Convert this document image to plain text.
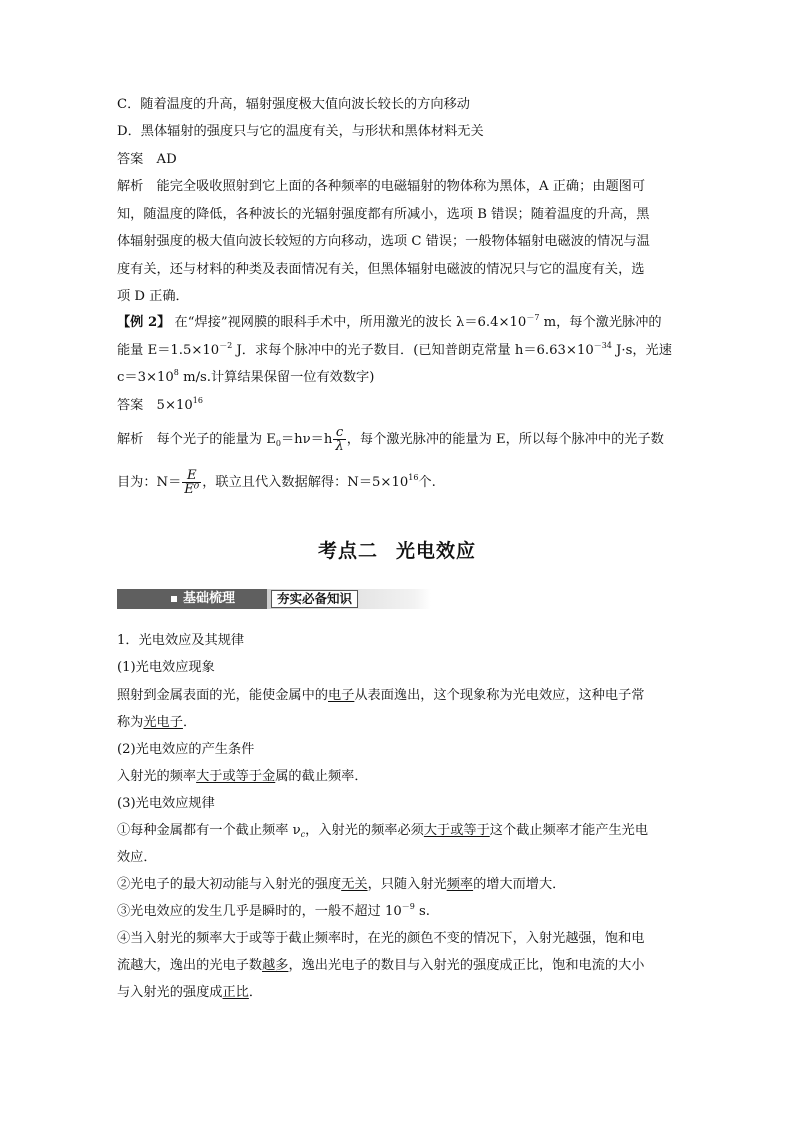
C．随着温度的升高，辐射强度极大值向波长较长的方向移动
D．黑体辐射的强度只与它的温度有关，与形状和黑体材料无关
答案　AD
解析　能完全吸收照射到它上面的各种频率的电磁辐射的物体称为黑体，A 正确；由题图可
知，随温度的降低，各种波长的光辐射强度都有所减小，选项 B 错误；随着温度的升高，黑
体辐射强度的极大值向波长较短的方向移动，选项 C 错误；一般物体辐射电磁波的情况与温
度有关，还与材料的种类及表面情况有关，但黑体辐射电磁波的情况只与它的温度有关，选
项 D 正确．
【例 2】 在“焊接”视网膜的眼科手术中，所用激光的波长 $\lambda=6.4\times 10^{-7}$ m，每个激光脉冲的
能量 $E=1.5\times 10^{-2}$ J．求每个脉冲中的光子数目．(已知普朗克常量 $h=6.63\times 10^{-34}$ J·s，光速
$c=3\times 10^8$ m/s.计算结果保留一位有效数字)
答案　$5\times 10^{16}$
解析　每个光子的能量为 $E_0=h\nu=h \frac{c}{\lambda}$ ，每个激光脉冲的能量为 E，所以每个脉冲中的光子数
目为：$N= \frac{E}{\text{E⁰}}$ ，联立且代入数据解得：$N=5\times 10^{16}$个.
考点二 光电效应
基础梳理	夯实必备知识
1．光电效应及其规律
(1)光电效应现象
照射到金属表面的光，能使金属中的电子从表面逸出，这个现象称为光电效应，这种电子常
称为光电子．
(2)光电效应的产生条件
入射光的频率大于或等于金属的截止频率．
(3)光电效应规律
①每种金属都有一个截止频率 $\nu_c$，入射光的频率必须大于或等于这个截止频率才能产生光电
效应．
②光电子的最大初动能与入射光的强度无关，只随入射光频率的增大而增大．
③光电效应的发生几乎是瞬时的，一般不超过 $10^{-9}$ s.
④当入射光的频率大于或等于截止频率时，在光的颜色不变的情况下，入射光越强，饱和电
流越大，逸出的光电子数越多，逸出光电子的数目与入射光的强度成正比，饱和电流的大小
与入射光的强度成正比．
